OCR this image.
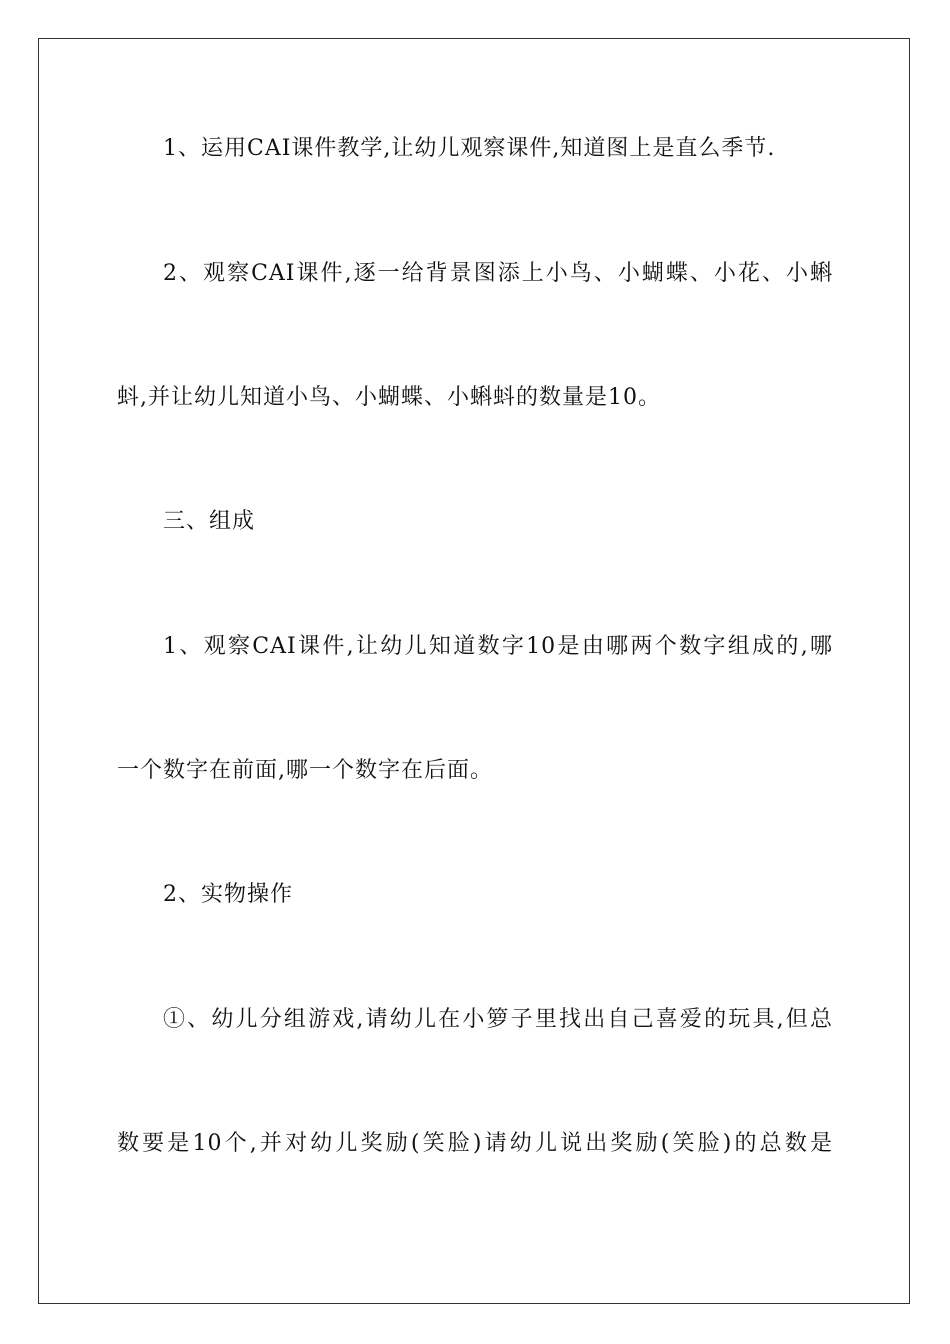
1、运用CAI课件教学,让幼儿观察课件,知道图上是直么季节.
2、观察CAI课件,逐一给背景图添上小鸟、小蝴蝶、小花、小蝌
蚪,并让幼儿知道小鸟、小蝴蝶、小蝌蚪的数量是10。
三、组成
1、观察CAI课件,让幼儿知道数字10是由哪两个数字组成的,哪
一个数字在前面,哪一个数字在后面。
2、实物操作
①、幼儿分组游戏,请幼儿在小箩子里找出自己喜爱的玩具,但总
数要是10个,并对幼儿奖励(笑脸)请幼儿说出奖励(笑脸)的总数是
